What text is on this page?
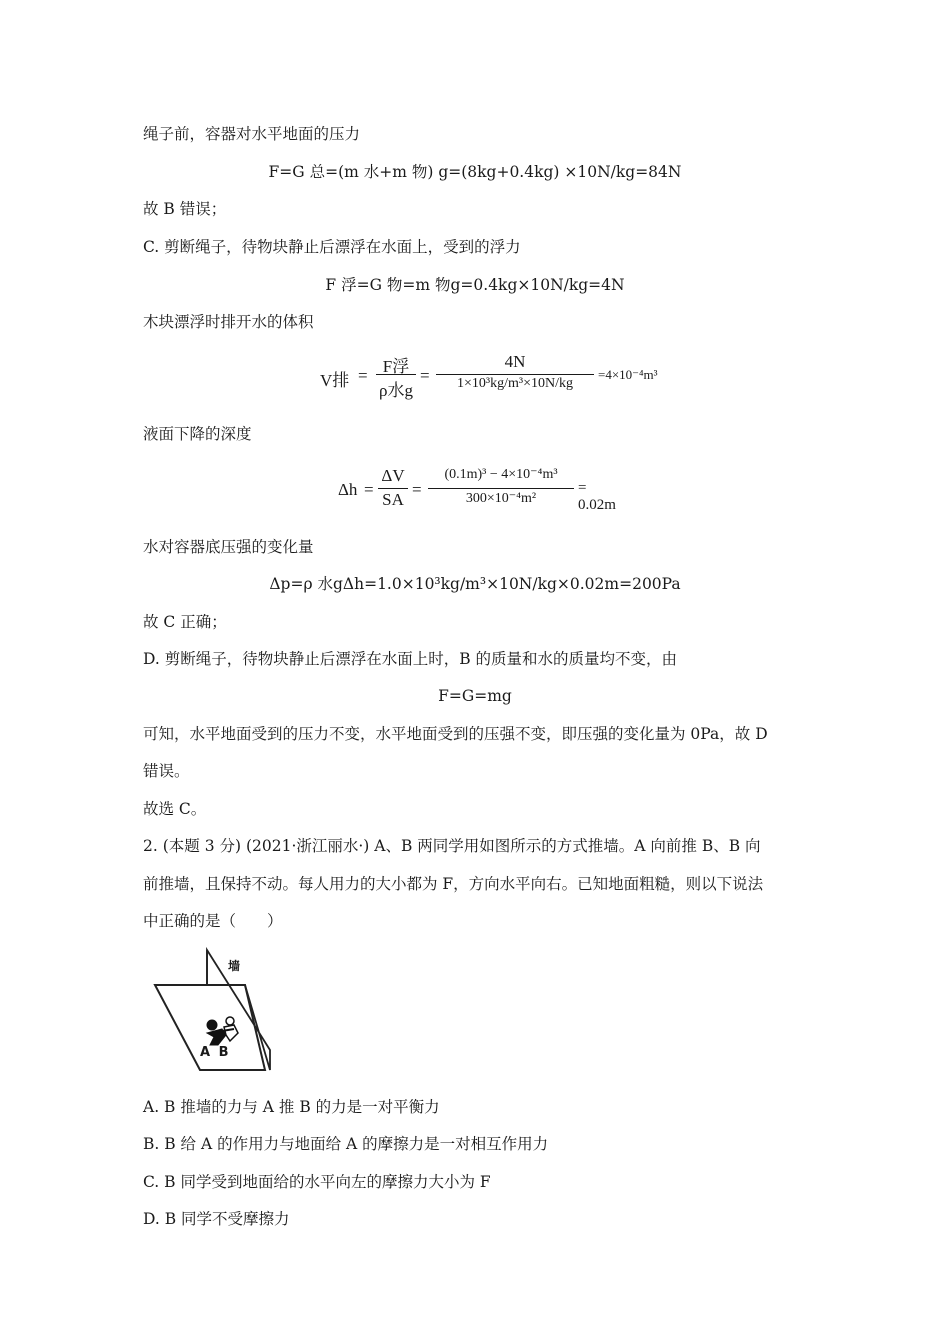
绳子前，容器对水平地面的压力
F=G 总=(m 水+m 物) g=(8kg+0.4kg) ×10N/kg=84N
故 B 错误；
C. 剪断绳子，待物块静止后漂浮在水面上，受到的浮力
F 浮=G 物=m 物g=0.4kg×10N/kg=4N
木块漂浮时排开水的体积
V排 = F浮
ρ水g
=
4N
1×10³kg/m³×10N/kg
=4×10⁻⁴m³
液面下降的深度
Δh =
ΔV
SA
=
(0.1m)³ − 4×10⁻⁴m³
300×10⁻⁴m²
= 0.02m
水对容器底压强的变化量
Δp=ρ 水gΔh=1.0×10³kg/m³×10N/kg×0.02m=200Pa
故 C 正确；
D. 剪断绳子，待物块静止后漂浮在水面上时，B 的质量和水的质量均不变，由
F=G=mg
可知，水平地面受到的压力不变，水平地面受到的压强不变，即压强的变化量为 0Pa，故 D
错误。
故选 C。
2. (本题 3 分) (2021·浙江丽水·) A、B 两同学用如图所示的方式推墙。A 向前推 B、B 向
前推墙，且保持不动。每人用力的大小都为 F，方向水平向右。已知地面粗糙，则以下说法
中正确的是（　　）
墙
A B
A. B 推墙的力与 A 推 B 的力是一对平衡力
B. B 给 A 的作用力与地面给 A 的摩擦力是一对相互作用力
C. B 同学受到地面给的水平向左的摩擦力大小为 F
D. B 同学不受摩擦力
